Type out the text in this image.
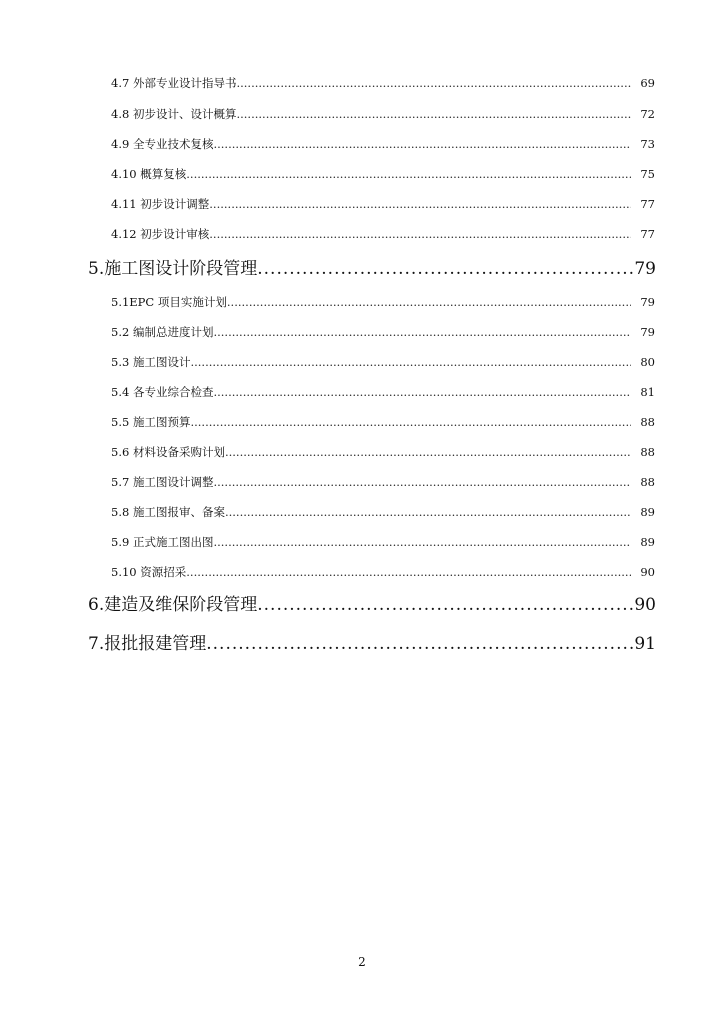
4.7 外部专业设计指导书 .....	69
4.8 初步设计、设计概算 .....	72
4.9 全专业技术复核 .....	73
4.10 概算复核 .....	75
4.11 初步设计调整 .....	77
4.12 初步设计审核 .....	77
5.施工图设计阶段管理 .....	79
5.1EPC 项目实施计划 .....	79
5.2 编制总进度计划 .....	79
5.3 施工图设计 .....	80
5.4 各专业综合检查 .....	81
5.5 施工图预算 .....	88
5.6 材料设备采购计划 .....	88
5.7 施工图设计调整 .....	88
5.8 施工图报审、备案 .....	89
5.9 正式施工图出图 .....	89
5.10 资源招采 .....	90
6.建造及维保阶段管理 .....	90
7.报批报建管理 .....	91
2
